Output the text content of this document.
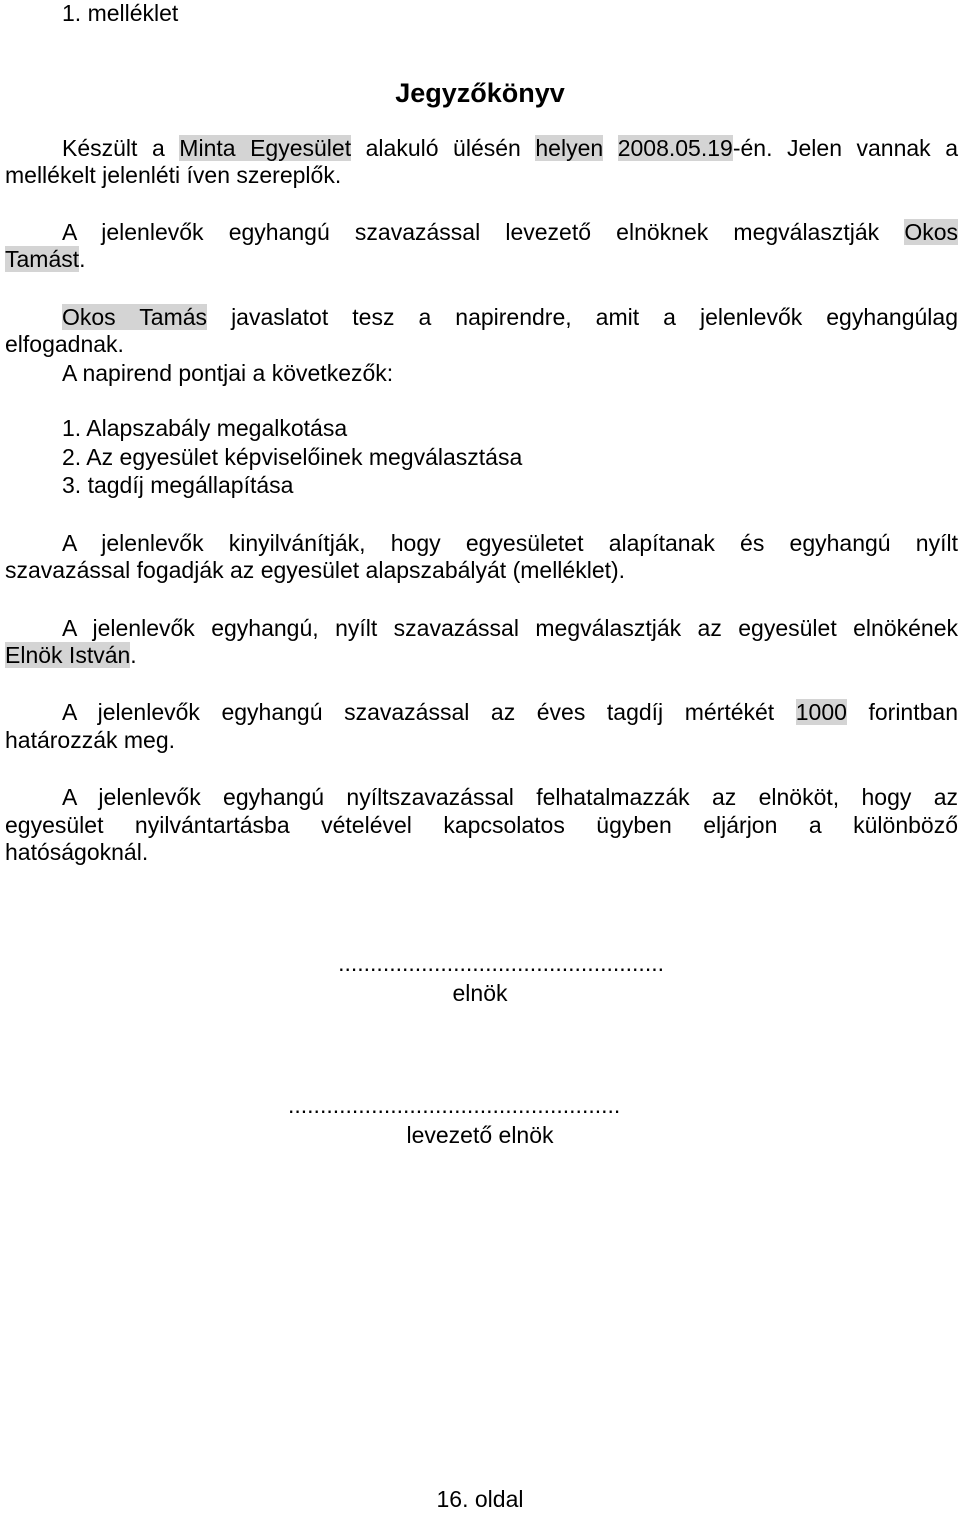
1. melléklet
Jegyzőkönyv
Készült a Minta Egyesület alakuló ülésén helyen 2008.05.19-én. Jelen vannak a
mellékelt jelenléti íven szereplők.
A jelenlevők egyhangú szavazással levezető elnöknek megválasztják Okos
Tamást.
Okos Tamás javaslatot tesz a napirendre, amit a jelenlevők egyhangúlag
elfogadnak.
A napirend pontjai a következők:
1. Alapszabály megalkotása
2. Az egyesület képviselőinek megválasztása
3. tagdíj megállapítása
A jelenlevők kinyilvánítják, hogy egyesületet alapítanak és egyhangú nyílt
szavazással fogadják az egyesület alapszabályát (melléklet).
A jelenlevők egyhangú, nyílt szavazással megválasztják az egyesület elnökének
Elnök István.
A jelenlevők egyhangú szavazással az éves tagdíj mértékét 1000 forintban
határozzák meg.
A jelenlevők egyhangú nyíltszavazással felhatalmazzák az elnököt, hogy az
egyesület nyilvántartásba vételével kapcsolatos ügyben eljárjon a különböző
hatóságoknál.
...................................................
elnök
....................................................
levezető elnök
16. oldal
